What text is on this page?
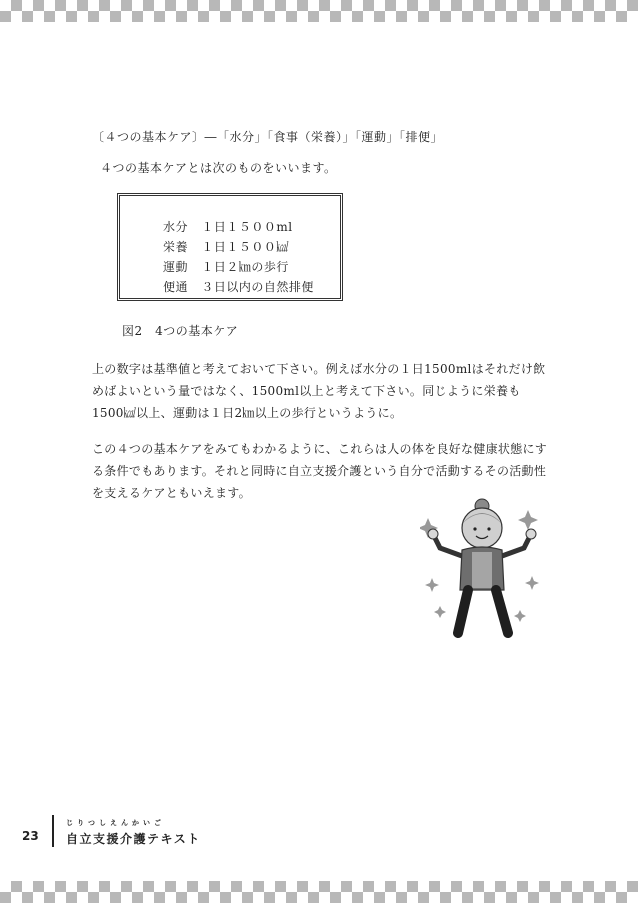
〔４つの基本ケア〕―「水分」「食事（栄養）」「運動」「排便」
４つの基本ケアとは次のものをいいます。
水分 １日１５００ml
栄養 １日１５００㎉
運動 １日２㎞の歩行
便通 ３日以内の自然排便
図2　4つの基本ケア
上の数字は基準値と考えておいて下さい。例えば水分の１日1500mlはそれだけ飲めばよいという量ではなく、1500ml以上と考えて下さい。同じように栄養も1500㎉以上、運動は１日2㎞以上の歩行というように。
この４つの基本ケアをみてもわかるように、これらは人の体を良好な健康状態にする条件でもあります。それと同時に自立支援介護という自分で活動するその活動性を支えるケアともいえます。
23
じりつしえんかいご
自立支援介護テキスト
